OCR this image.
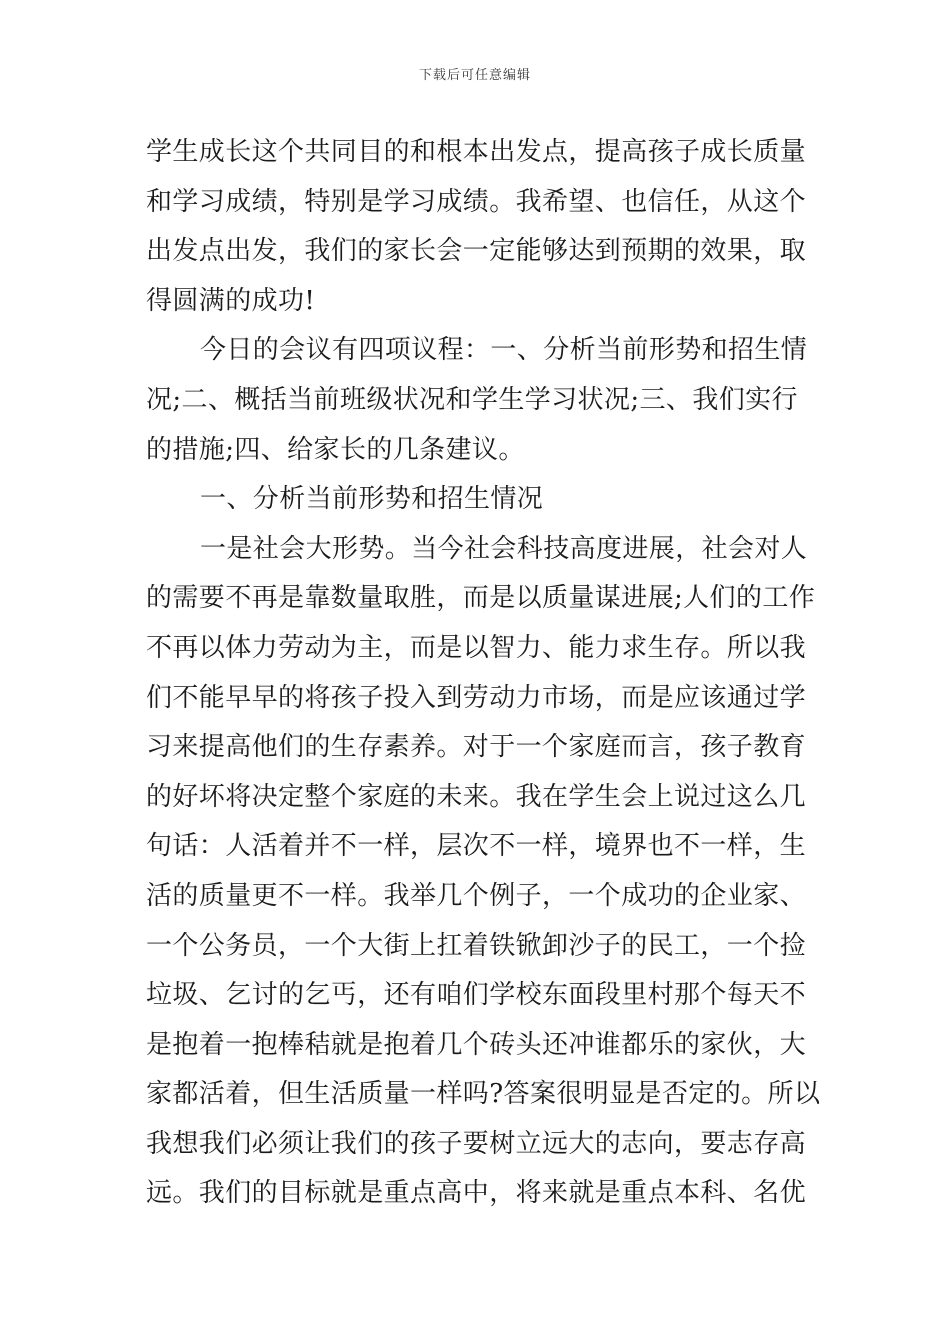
下载后可任意编辑
学生成长这个共同目的和根本出发点，提高孩子成长质量
和学习成绩，特别是学习成绩。我希望、也信任，从这个
出发点出发，我们的家长会一定能够达到预期的效果，取
得圆满的成功!
今日的会议有四项议程：一、分析当前形势和招生情
况;二、概括当前班级状况和学生学习状况;三、我们实行
的措施;四、给家长的几条建议。
一、分析当前形势和招生情况
一是社会大形势。当今社会科技高度进展，社会对人
的需要不再是靠数量取胜，而是以质量谋进展;人们的工作
不再以体力劳动为主，而是以智力、能力求生存。所以我
们不能早早的将孩子投入到劳动力市场，而是应该通过学
习来提高他们的生存素养。对于一个家庭而言，孩子教育
的好坏将决定整个家庭的未来。我在学生会上说过这么几
句话：人活着并不一样，层次不一样，境界也不一样，生
活的质量更不一样。我举几个例子，一个成功的企业家、
一个公务员，一个大街上扛着铁锨卸沙子的民工，一个捡
垃圾、乞讨的乞丐，还有咱们学校东面段里村那个每天不
是抱着一抱棒秸就是抱着几个砖头还冲谁都乐的家伙，大
家都活着，但生活质量一样吗?答案很明显是否定的。所以
我想我们必须让我们的孩子要树立远大的志向，要志存高
远。我们的目标就是重点高中，将来就是重点本科、名优
